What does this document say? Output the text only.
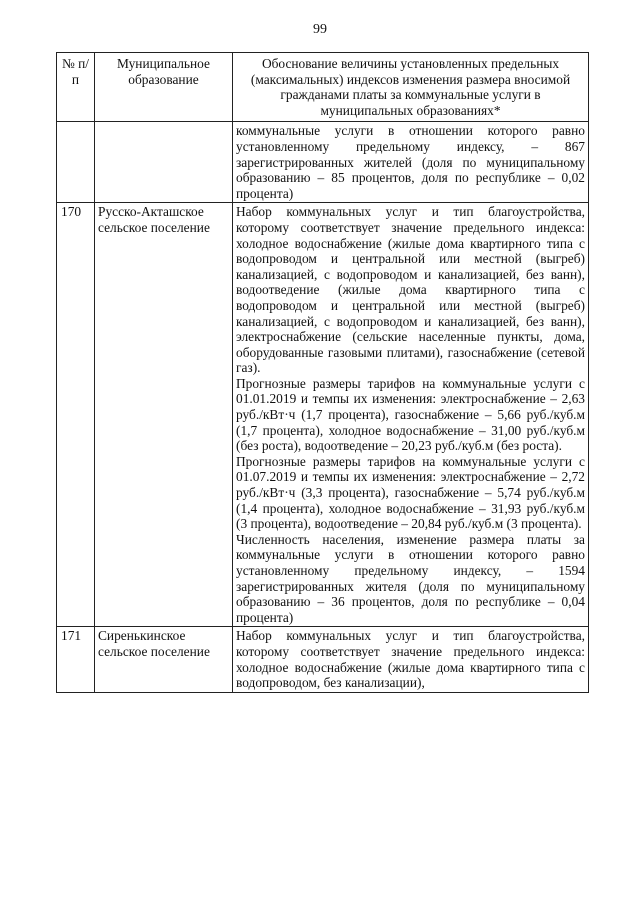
99
№ п/п	Муниципальное образование	Обоснование величины установленных предельных (максимальных) индексов изменения размера вносимой гражданами платы за коммунальные услуги в муниципальных образованиях*

		коммунальные услуги в отношении которого равно установленному предельному индексу, – 867 зарегистрированных жителей (доля по муниципальному образованию – 85 процентов, доля по республике – 0,02 процента)

170	Русско-Акташское сельское поселение	Набор коммунальных услуг и тип благоустройства, которому соответствует значение предельного индекса: холодное водоснабжение (жилые дома квартирного типа с водопроводом и центральной или местной (выгреб) канализацией, с водопроводом и канализацией, без ванн), водоотведение (жилые дома квартирного типа с водопроводом и центральной или местной (выгреб) канализацией, с водопроводом и канализацией, без ванн), электроснабжение (сельские населенные пункты, дома, оборудованные газовыми плитами), газоснабжение (сетевой газ).

Прогнозные размеры тарифов на коммунальные услуги с 01.01.2019 и темпы их изменения: электроснабжение – 2,63 руб./кВт·ч (1,7 процента), газоснабжение – 5,66 руб./куб.м (1,7 процента), холодное водоснабжение – 31,00 руб./куб.м (без роста), водоотведение – 20,23 руб./куб.м (без роста).

Прогнозные размеры тарифов на коммунальные услуги с 01.07.2019 и темпы их изменения: электроснабжение – 2,72 руб./кВт·ч (3,3 процента), газоснабжение – 5,74 руб./куб.м (1,4 процента), холодное водоснабжение – 31,93 руб./куб.м (3 процента), водоотведение – 20,84 руб./куб.м (3 процента).

Численность населения, изменение размера платы за коммунальные услуги в отношении которого равно установленному предельному индексу, – 1594 зарегистрированных жителя (доля по муниципальному образованию – 36 процентов, доля по республике – 0,04 процента)

171	Сиренькинское сельское поселение	Набор коммунальных услуг и тип благоустройства, которому соответствует значение предельного индекса: холодное водоснабжение (жилые дома квартирного типа с водопроводом, без канализации),
